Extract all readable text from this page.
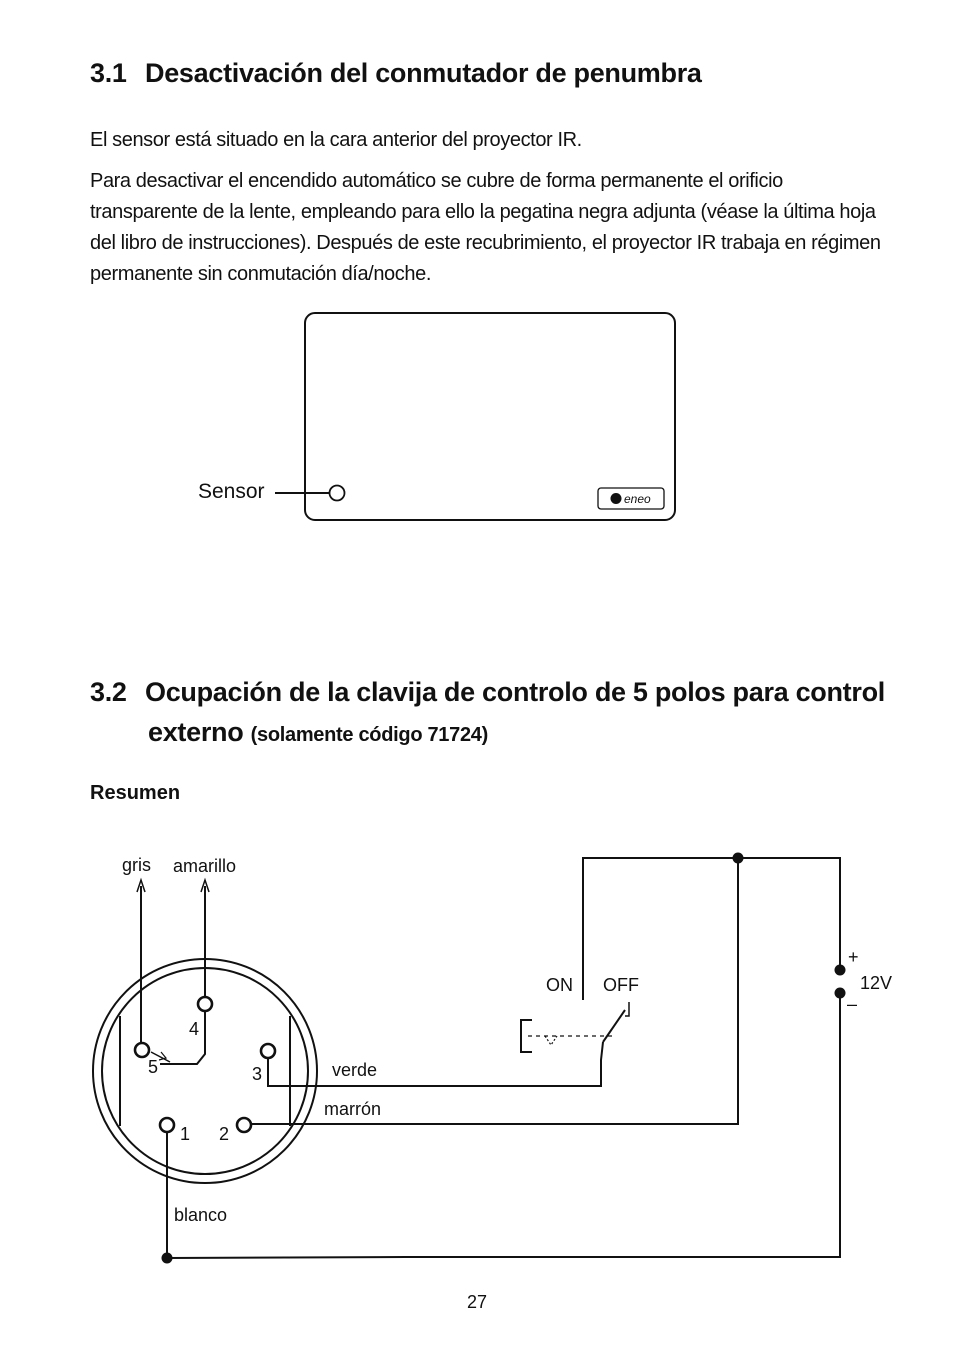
3.1 Desactivación del conmutador de penumbra
El sensor está situado en la cara anterior del proyector IR.
Para desactivar el encendido automático se cubre de forma permanente el orificio transparente de la lente, empleando para ello la pegatina negra adjunta (véase la última hoja del libro de instrucciones). Después de este recubrimiento, el proyector IR trabaja en régimen permanente sin conmutación día/noche.
eneo
Sensor
3.2 Ocupación de la clavija de controlo de 5 polos para control
externo (solamente código 71724)
Resumen
gris amarillo
4
5	3
1 2
verde
marrón
blanco
ON OFF
+
–
12V
27
